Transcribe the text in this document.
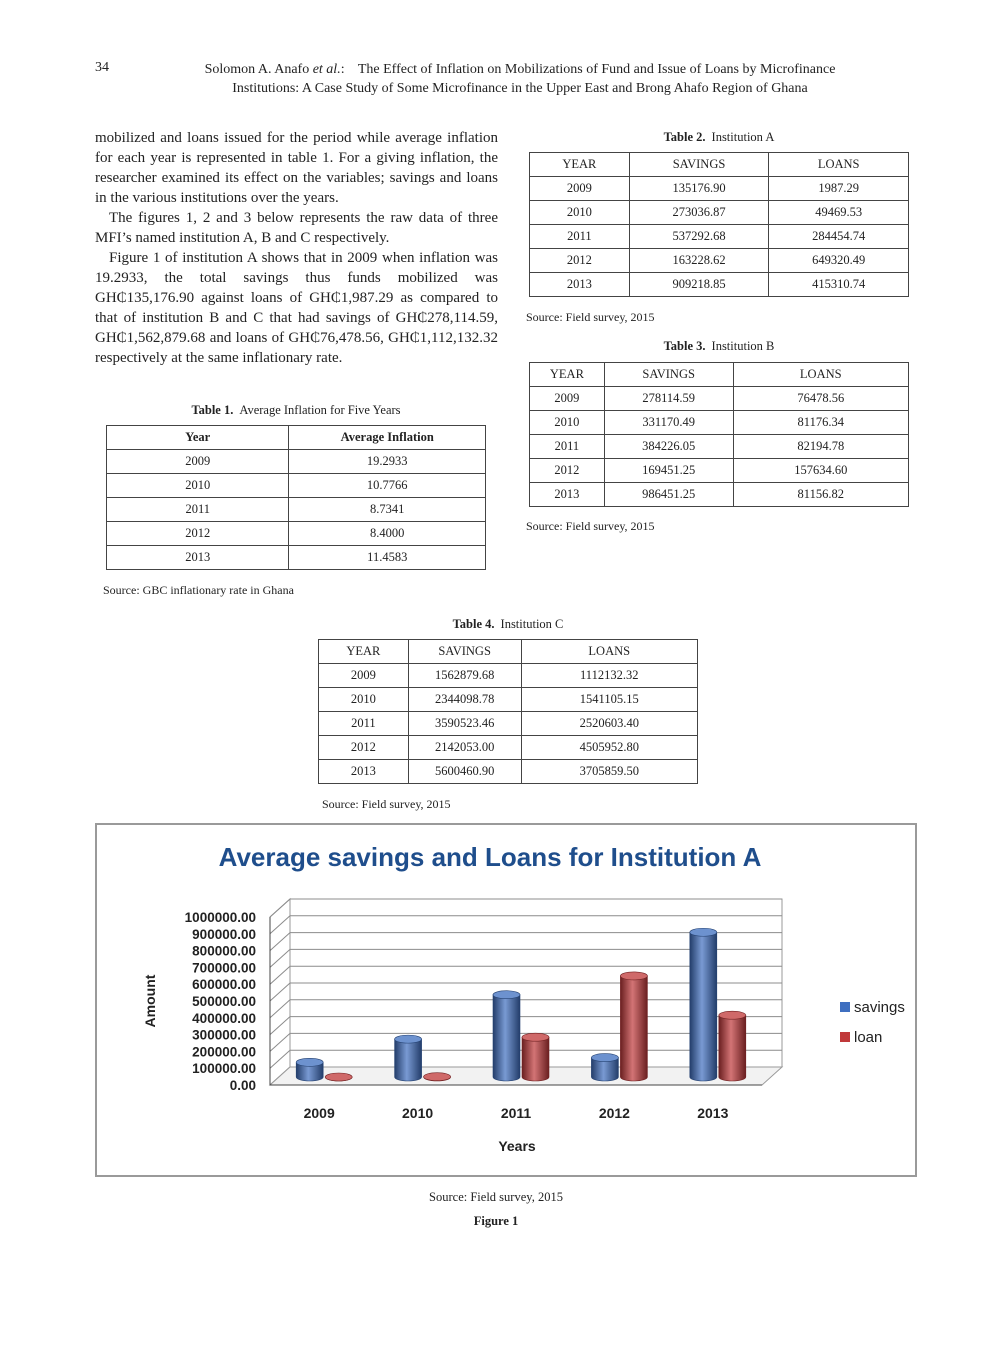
34	Solomon A. Anafo et al.: The Effect of Inflation on Mobilizations of Fund and Issue of Loans by Microfinance
Institutions: A Case Study of Some Microfinance in the Upper East and Brong Ahafo Region of Ghana

mobilized and loans issued for the period while average inflation for each year is represented in table 1. For a giving inflation, the researcher examined its effect on the variables; savings and loans in the various institutions over the years.

The figures 1, 2 and 3 below represents the raw data of three MFI’s named institution A, B and C respectively.

Figure 1 of institution A shows that in 2009 when inflation was 19.2933, the total savings thus funds mobilized was GH₵135,176.90 against loans of GH₵1,987.29 as compared to that of institution B and C that had savings of GH₵278,114.59, GH₵1,562,879.68 and loans of GH₵76,478.56, GH₵1,112,132.32 respectively at the same inflationary rate.

Table 1. Average Inflation for Five Years
Year	Average Inflation
2009	19.2933
2010	10.7766
2011	8.7341
2012	8.4000
2013	11.4583
Source: GBC inflationary rate in Ghana
Table 2. Institution A
YEAR	SAVINGS	LOANS
2009	135176.90	1987.29
2010	273036.87	49469.53
2011	537292.68	284454.74
2012	163228.62	649320.49
2013	909218.85	415310.74
Source: Field survey, 2015
Table 3. Institution B
YEAR	SAVINGS	LOANS
2009	278114.59	76478.56
2010	331170.49	81176.34
2011	384226.05	82194.78
2012	169451.25	157634.60
2013	986451.25	81156.82
Source: Field survey, 2015
Table 4. Institution C
YEAR	SAVINGS	LOANS
2009	1562879.68	1112132.32
2010	2344098.78	1541105.15
2011	3590523.46	2520603.40
2012	2142053.00	4505952.80
2013	5600460.90	3705859.50
Source: Field survey, 2015
Average savings and Loans for Institution A
0.00
100000.00
200000.00
300000.00
400000.00
500000.00
600000.00
700000.00
800000.00
900000.00
1000000.00
2009	2010	2011	2012	2013
Years
Amount	savings
loan
Source: Field survey, 2015
Figure 1
